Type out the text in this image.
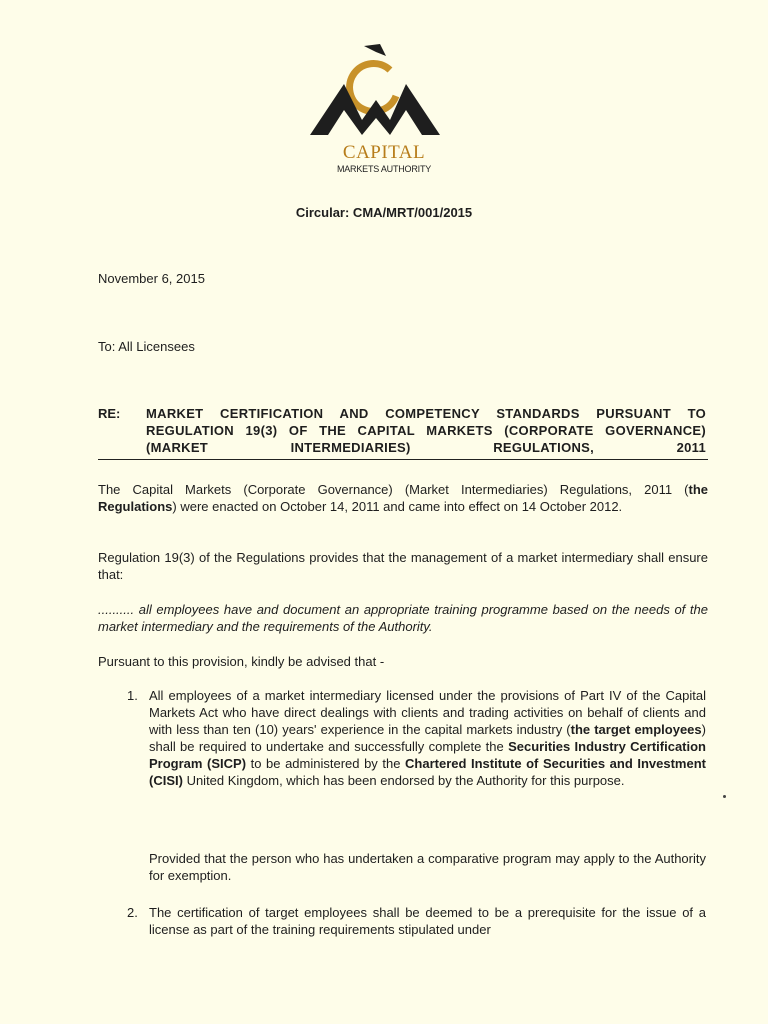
CAPITAL
MARKETS AUTHORITY
Circular: CMA/MRT/001/2015
November 6, 2015
To: All Licensees
RE: MARKET CERTIFICATION AND COMPETENCY STANDARDS PURSUANT TO REGULATION 19(3) OF THE CAPITAL MARKETS (CORPORATE GOVERNANCE) (MARKET INTERMEDIARIES) REGULATIONS, 2011
The Capital Markets (Corporate Governance) (Market Intermediaries) Regulations, 2011 (the Regulations) were enacted on October 14, 2011 and came into effect on 14 October 2012.
Regulation 19(3) of the Regulations provides that the management of a market intermediary shall ensure that:
.......... all employees have and document an appropriate training programme based on the needs of the market intermediary and the requirements of the Authority.
Pursuant to this provision, kindly be advised that -
1. All employees of a market intermediary licensed under the provisions of Part IV of the Capital Markets Act who have direct dealings with clients and trading activities on behalf of clients and with less than ten (10) years' experience in the capital markets industry (the target employees) shall be required to undertake and successfully complete the Securities Industry Certification Program (SICP) to be administered by the Chartered Institute of Securities and Investment (CISI) United Kingdom, which has been endorsed by the Authority for this purpose.
Provided that the person who has undertaken a comparative program may apply to the Authority for exemption.
2. The certification of target employees shall be deemed to be a prerequisite for the issue of a license as part of the training requirements stipulated under
